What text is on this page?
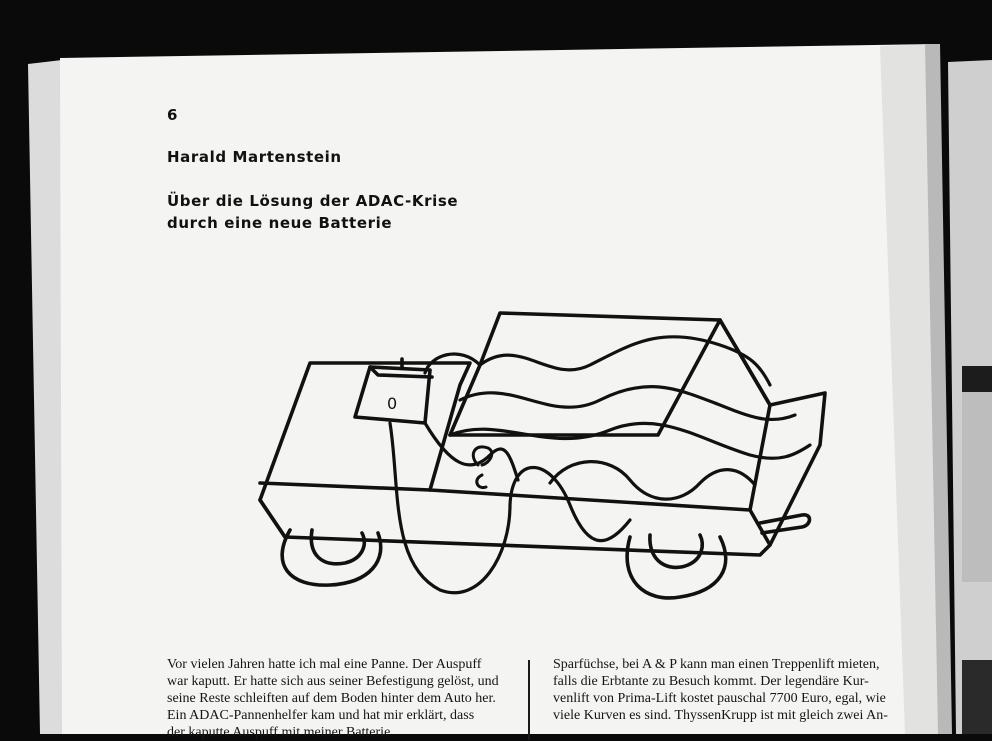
6
Harald Martenstein
Über die Lösung der ADAC-Krise
durch eine neue Batterie
0
Vor vielen Jahren hatte ich mal eine Panne. Der Auspuff
war kaputt. Er hatte sich aus seiner Befestigung gelöst, und
seine Reste schleiften auf dem Boden hinter dem Auto her.
Ein ADAC-Pannenhelfer kam und hat mir erklärt, dass
der kaputte Auspuff mit meiner Batterie
Sparfüchse, bei A & P kann man einen Treppenlift mieten,
falls die Erbtante zu Besuch kommt. Der legendäre Kur-
venlift von Prima-Lift kostet pauschal 7700 Euro, egal, wie
viele Kurven es sind. ThyssenKrupp ist mit gleich zwei An-
